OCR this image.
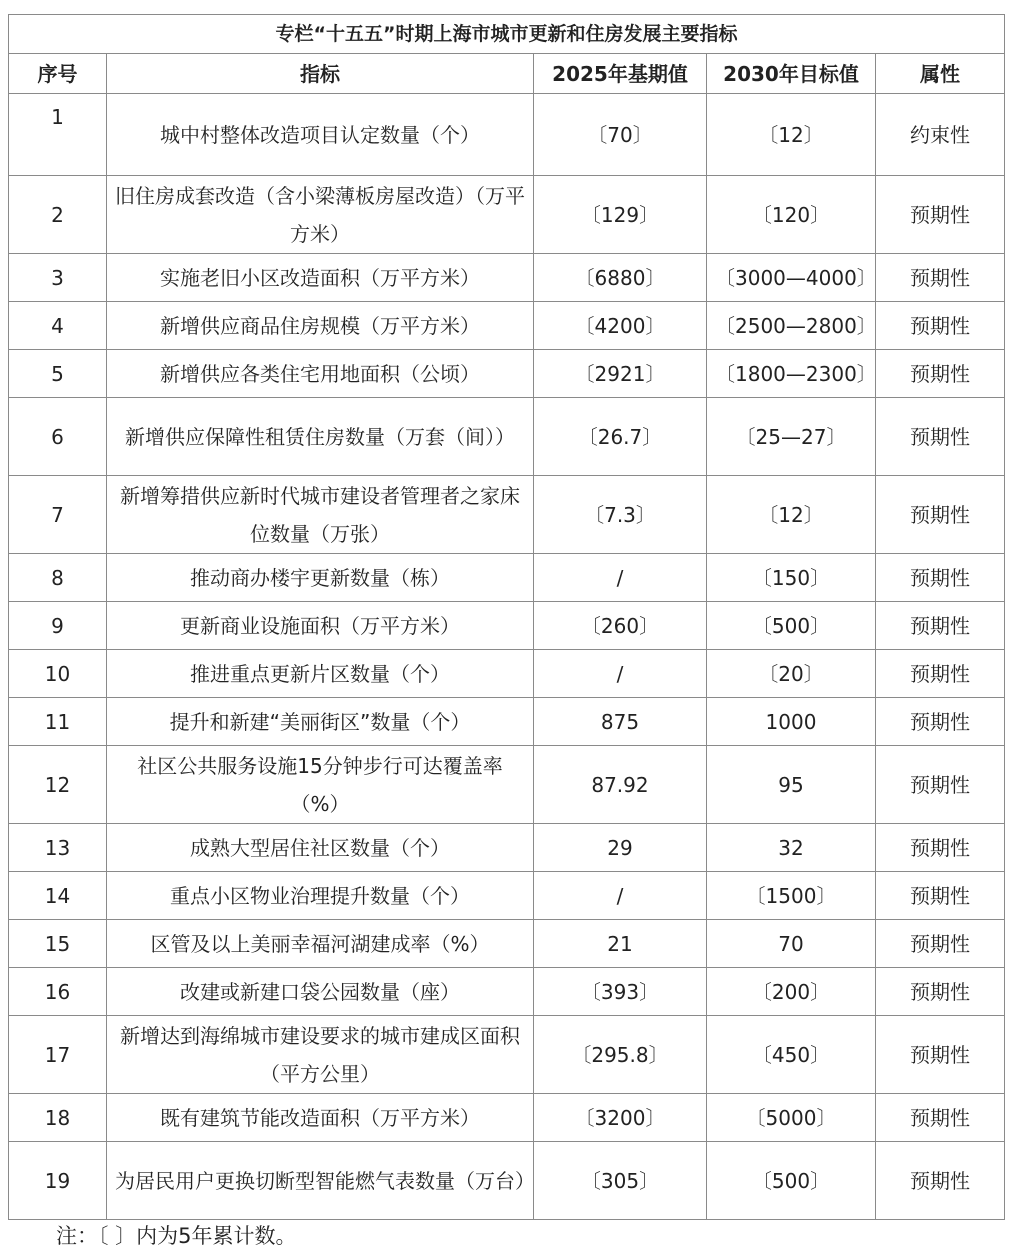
专栏“十五五”时期上海市城市更新和住房发展主要指标				
序号	指标	2025年基期值	2030年目标值	属性
1	城中村整体改造项目认定数量（个）	〔70〕	〔12〕	约束性
2	旧住房成套改造（含小梁薄板房屋改造）（万平方米）	〔129〕	〔120〕	预期性
3	实施老旧小区改造面积（万平方米）	〔6880〕	〔3000—4000〕	预期性
4	新增供应商品住房规模（万平方米）	〔4200〕	〔2500—2800〕	预期性
5	新增供应各类住宅用地面积（公顷）	〔2921〕	〔1800—2300〕	预期性
6	新增供应保障性租赁住房数量（万套（间））	〔26.7〕	〔25—27〕	预期性
7	新增筹措供应新时代城市建设者管理者之家床位数量（万张）	〔7.3〕	〔12〕	预期性
8	推动商办楼宇更新数量（栋）	/	〔150〕	预期性
9	更新商业设施面积（万平方米）	〔260〕	〔500〕	预期性
10	推进重点更新片区数量（个）	/	〔20〕	预期性
11	提升和新建“美丽街区”数量（个）	875	1000	预期性
12	社区公共服务设施15分钟步行可达覆盖率（%）	87.92	95	预期性
13	成熟大型居住社区数量（个）	29	32	预期性
14	重点小区物业治理提升数量（个）	/	〔1500〕	预期性
15	区管及以上美丽幸福河湖建成率（%）	21	70	预期性
16	改建或新建口袋公园数量（座）	〔393〕	〔200〕	预期性
17	新增达到海绵城市建设要求的城市建成区面积（平方公里）	〔295.8〕	〔450〕	预期性
18	既有建筑节能改造面积（万平方米）	〔3200〕	〔5000〕	预期性
19	为居民用户更换切断型智能燃气表数量（万台）	〔305〕	〔500〕	预期性
注：〔 〕内为5年累计数。
